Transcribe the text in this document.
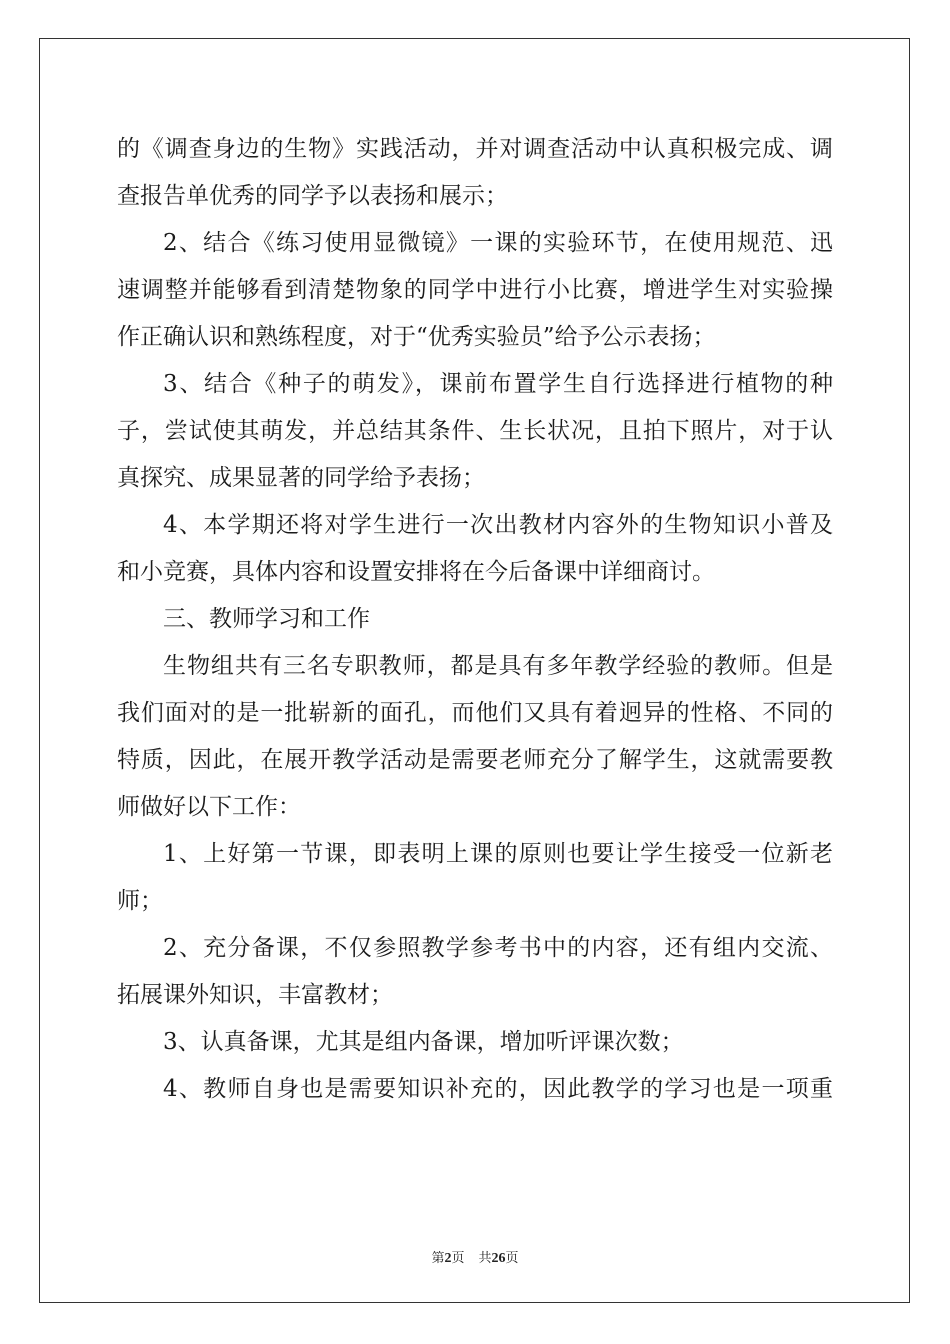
的《调查身边的生物》实践活动，并对调查活动中认真积极完成、调
查报告单优秀的同学予以表扬和展示；
2、结合《练习使用显微镜》一课的实验环节，在使用规范、迅
速调整并能够看到清楚物象的同学中进行小比赛，增进学生对实验操
作正确认识和熟练程度，对于“优秀实验员”给予公示表扬；
3、结合《种子的萌发》，课前布置学生自行选择进行植物的种
子，尝试使其萌发，并总结其条件、生长状况，且拍下照片，对于认
真探究、成果显著的同学给予表扬；
4、本学期还将对学生进行一次出教材内容外的生物知识小普及
和小竞赛，具体内容和设置安排将在今后备课中详细商讨。
三、教师学习和工作
生物组共有三名专职教师，都是具有多年教学经验的教师。但是
我们面对的是一批崭新的面孔，而他们又具有着迥异的性格、不同的
特质，因此，在展开教学活动是需要老师充分了解学生，这就需要教
师做好以下工作：
1、上好第一节课，即表明上课的原则也要让学生接受一位新老
师；
2、充分备课，不仅参照教学参考书中的内容，还有组内交流、
拓展课外知识，丰富教材；
3、认真备课，尤其是组内备课，增加听评课次数；
4、教师自身也是需要知识补充的，因此教学的学习也是一项重
第2页 共26页
